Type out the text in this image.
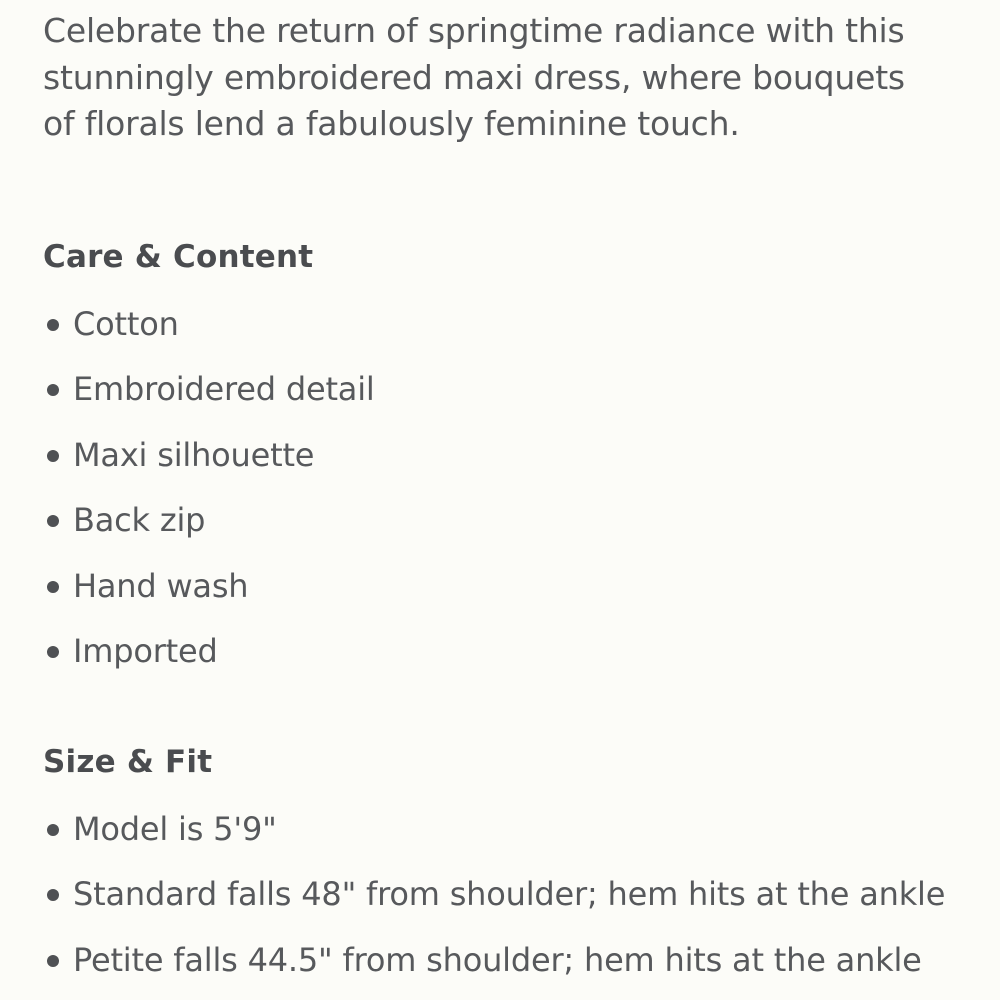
Celebrate the return of springtime radiance with this stunningly embroidered maxi dress, where bouquets of florals lend a fabulously feminine touch.

Care & Content
Cotton
Embroidered detail
Maxi silhouette
Back zip
Hand wash
Imported
Size & Fit
Model is 5'9"
Standard falls 48" from shoulder; hem hits at the ankle
Petite falls 44.5" from shoulder; hem hits at the ankle
